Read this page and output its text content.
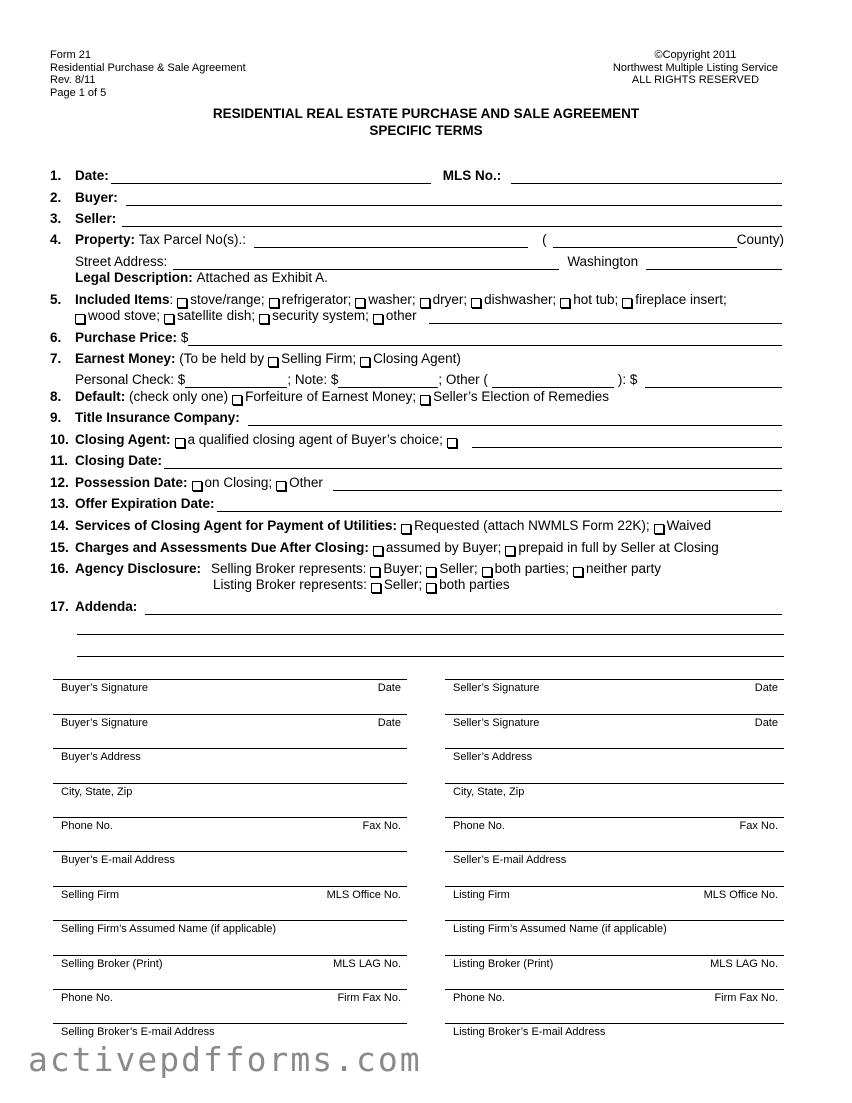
Form 21
Residential Purchase & Sale Agreement
Rev. 8/11
Page 1 of 5
©Copyright 2011
Northwest Multiple Listing Service
ALL RIGHTS RESERVED
RESIDENTIAL REAL ESTATE PURCHASE AND SALE AGREEMENT
SPECIFIC TERMS
1.	Date:	MLS No.:
2.	Buyer:
3.	Seller:
4.	Property:
Tax Parcel No(s).:	(	County)
Street Address:	Washington
Legal Description:
Attached as Exhibit A.
5.	Included Items : stove/range; refrigerator; washer; dryer; dishwasher; hot tub; fireplace insert;
wood stove; satellite dish; security system; other
6.	Purchase Price:
$
7.	Earnest Money:
(To be held by Selling Firm; Closing Agent)
Personal Check: $	; Note: $	; Other (	): $
8.	Default:
(check only one) Forfeiture of Earnest Money; Seller’s Election of Remedies
9.	Title Insurance Company:
10. Closing Agent: a qualified closing agent of Buyer’s choice;
11. Closing Date:
12. Possession Date: on Closing; Other
13. Offer Expiration Date:
14. Services of Closing Agent for Payment of Utilities: Requested (attach NWMLS Form 22K); Waived
15. Charges and Assessments Due After Closing: assumed by Buyer; prepaid in full by Seller at Closing
16. Agency Disclosure: Selling Broker represents: Buyer; Seller; both parties; neither party
Listing Broker represents: Seller; both parties
17. Addenda:
Buyer’s Signature	Date
Buyer’s Signature	Date
Buyer’s Address
City, State, Zip
Phone No.	Fax No.
Buyer’s E-mail Address
Selling Firm	MLS Office No.
Selling Firm’s Assumed Name (if applicable)
Selling Broker (Print)	MLS LAG No.
Phone No.	Firm Fax No.
Selling Broker’s E-mail Address
Seller’s Signature	Date
Seller’s Signature	Date
Seller’s Address
City, State, Zip
Phone No.	Fax No.
Seller’s E-mail Address
Listing Firm	MLS Office No.
Listing Firm’s Assumed Name (if applicable)
Listing Broker (Print)	MLS LAG No.
Phone No.	Firm Fax No.
Listing Broker’s E-mail Address
activepdfforms.com
